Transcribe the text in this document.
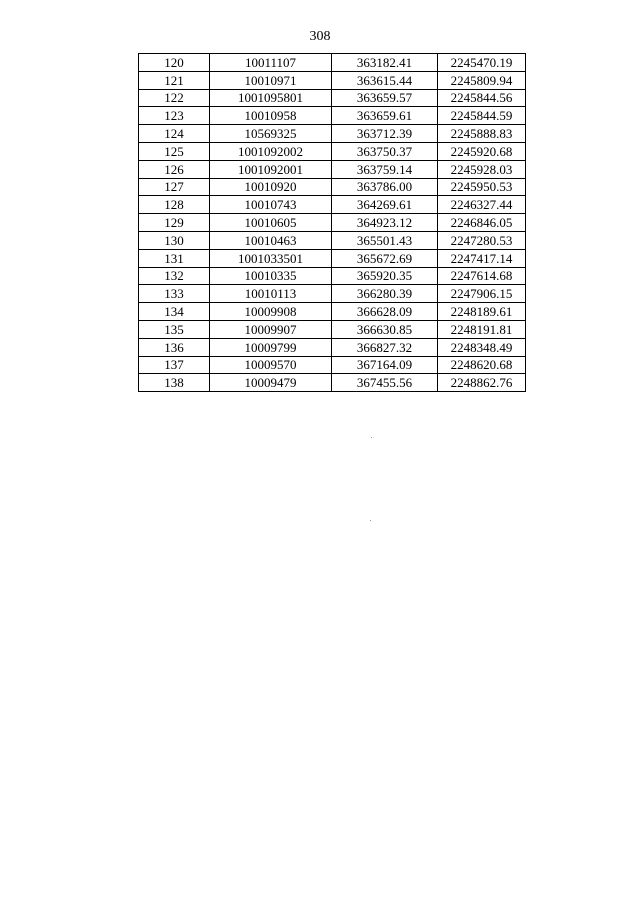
308
120	10011107	363182.41	2245470.19
121	10010971	363615.44	2245809.94
122	1001095801	363659.57	2245844.56
123	10010958	363659.61	2245844.59
124	10569325	363712.39	2245888.83
125	1001092002	363750.37	2245920.68
126	1001092001	363759.14	2245928.03
127	10010920	363786.00	2245950.53
128	10010743	364269.61	2246327.44
129	10010605	364923.12	2246846.05
130	10010463	365501.43	2247280.53
131	1001033501	365672.69	2247417.14
132	10010335	365920.35	2247614.68
133	10010113	366280.39	2247906.15
134	10009908	366628.09	2248189.61
135	10009907	366630.85	2248191.81
136	10009799	366827.32	2248348.49
137	10009570	367164.09	2248620.68
138	10009479	367455.56	2248862.76
